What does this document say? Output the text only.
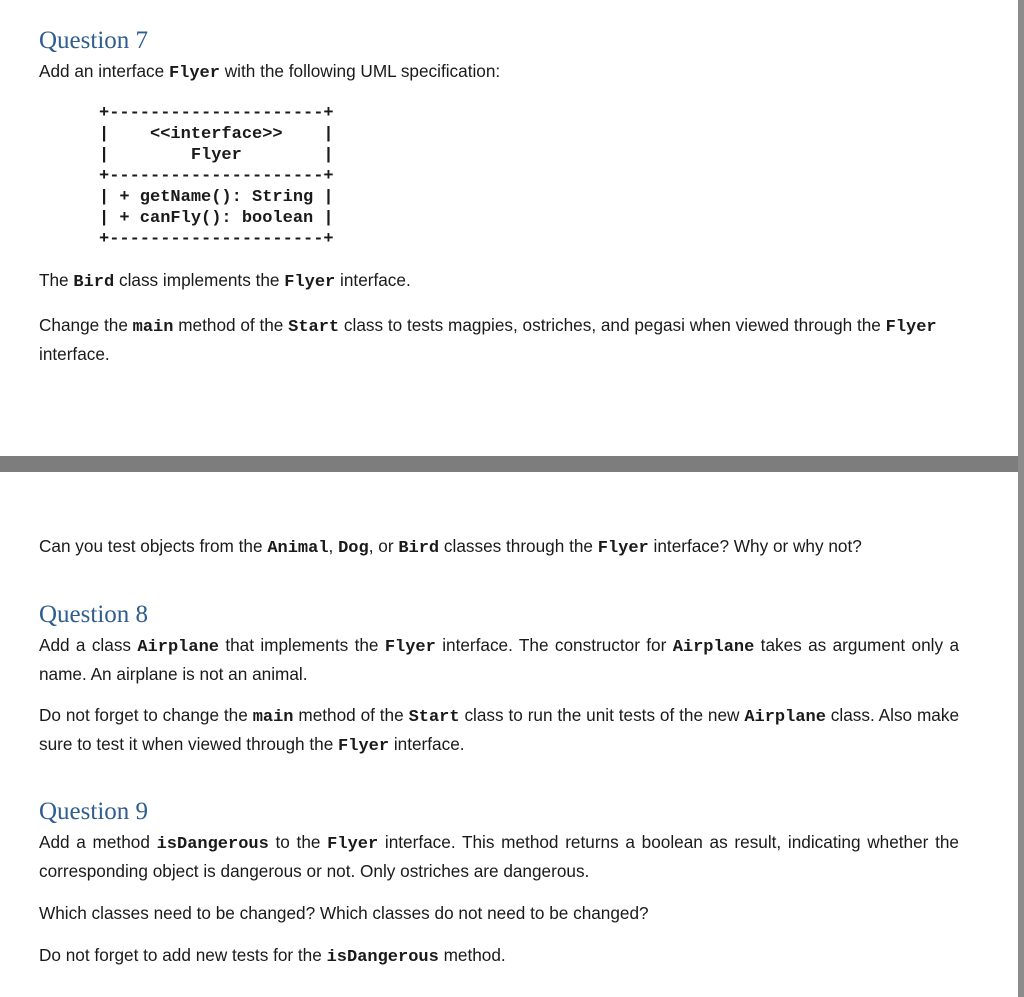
Question 7

Add an interface Flyer with the following UML specification:

+---------------------+
|    <<interface>>    |
|        Flyer        |
+---------------------+
| + getName(): String |
| + canFly(): boolean |
+---------------------+

The Bird class implements the Flyer interface.

Change the main method of the Start class to tests magpies, ostriches, and pegasi when viewed through the Flyer interface.

Can you test objects from the Animal, Dog, or Bird classes through the Flyer interface? Why or why not?

Question 8

Add a class Airplane that implements the Flyer interface. The constructor for Airplane takes as argument only a name. An airplane is not an animal.

Do not forget to change the main method of the Start class to run the unit tests of the new Airplane class. Also make sure to test it when viewed through the Flyer interface.

Question 9

Add a method isDangerous to the Flyer interface. This method returns a boolean as result, indicating whether the corresponding object is dangerous or not. Only ostriches are dangerous.

Which classes need to be changed? Which classes do not need to be changed?

Do not forget to add new tests for the isDangerous method.
